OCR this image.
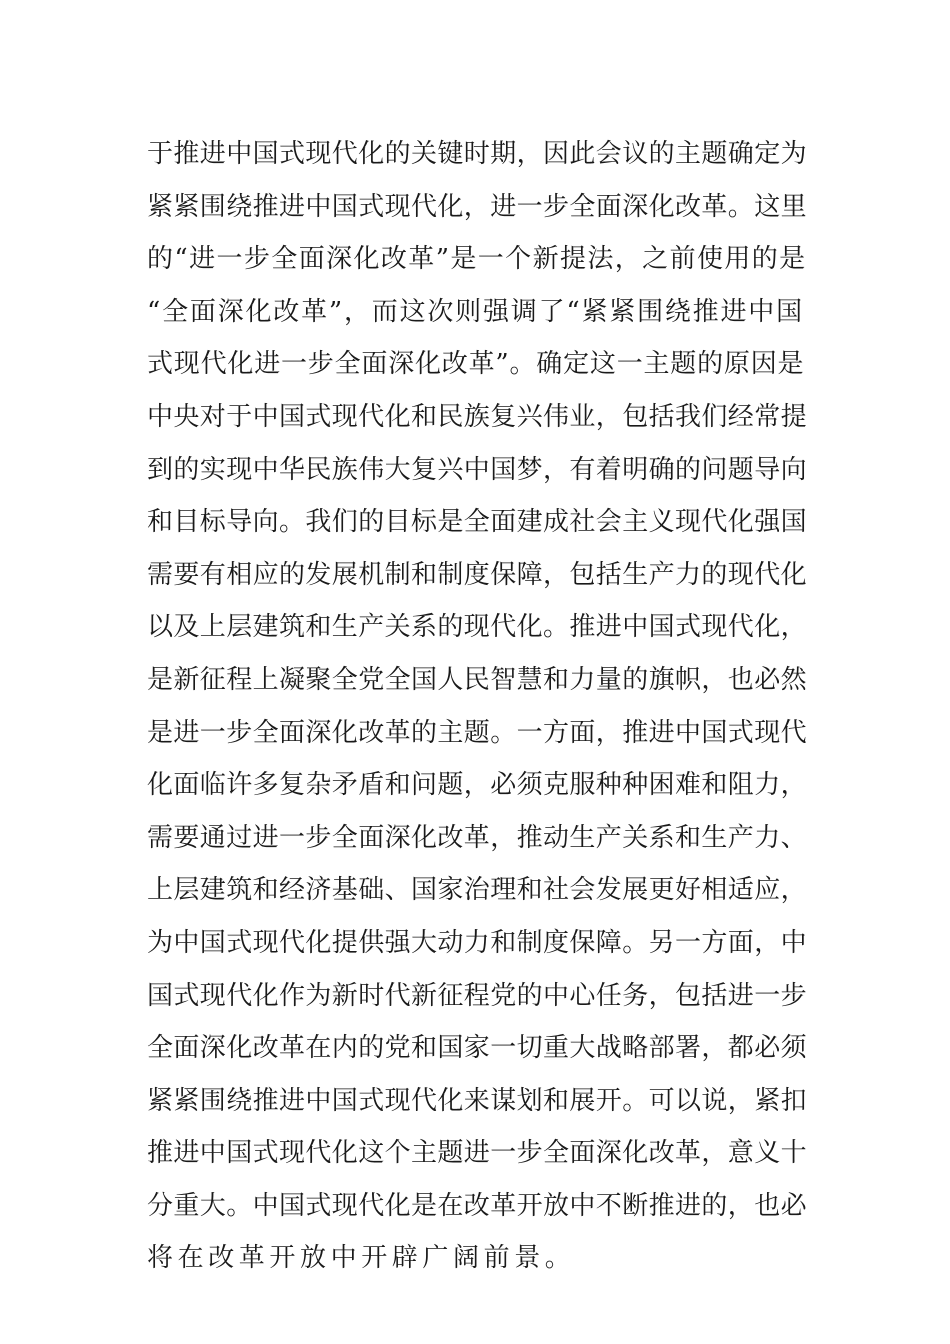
于推进中国式现代化的关键时期，因此会议的主题确定为
紧紧围绕推进中国式现代化，进一步全面深化改革。这里
的“进一步全面深化改革”是一个新提法，之前使用的是
“全面深化改革”，而这次则强调了“紧紧围绕推进中国
式现代化进一步全面深化改革”。确定这一主题的原因是
中央对于中国式现代化和民族复兴伟业，包括我们经常提
到的实现中华民族伟大复兴中国梦，有着明确的问题导向
和目标导向。我们的目标是全面建成社会主义现代化强国
需要有相应的发展机制和制度保障，包括生产力的现代化
以及上层建筑和生产关系的现代化。推进中国式现代化，
是新征程上凝聚全党全国人民智慧和力量的旗帜，也必然
是进一步全面深化改革的主题。一方面，推进中国式现代
化面临许多复杂矛盾和问题，必须克服种种困难和阻力，
需要通过进一步全面深化改革，推动生产关系和生产力、
上层建筑和经济基础、国家治理和社会发展更好相适应，
为中国式现代化提供强大动力和制度保障。另一方面，中
国式现代化作为新时代新征程党的中心任务，包括进一步
全面深化改革在内的党和国家一切重大战略部署，都必须
紧紧围绕推进中国式现代化来谋划和展开。可以说，紧扣
推进中国式现代化这个主题进一步全面深化改革，意义十
分重大。中国式现代化是在改革开放中不断推进的，也必
将在改革开放中开辟广阔前景。
